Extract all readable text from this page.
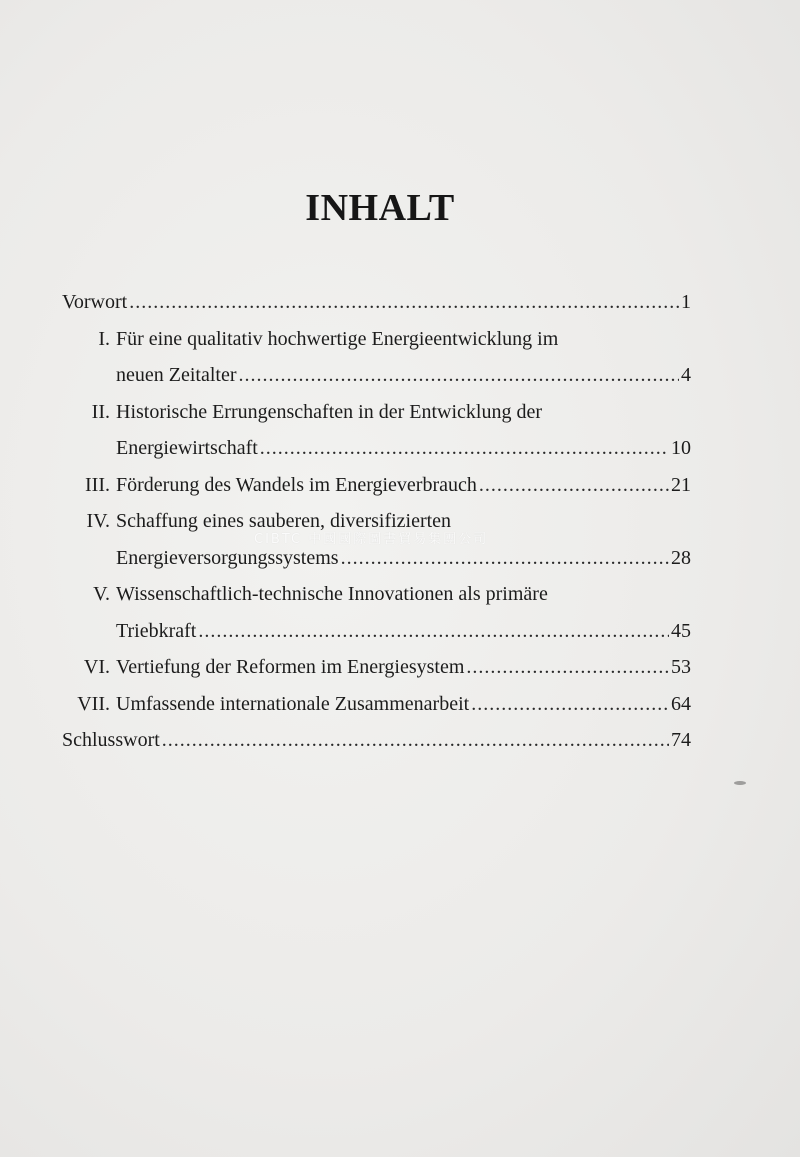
INHALT
Vorwort .....	1
I. Für eine qualitativ hochwertige Energieentwicklung im
neuen Zeitalter .....	4
II. Historische Errungenschaften in der Entwicklung der
Energiewirtschaft .....	10
III. Förderung des Wandels im Energieverbrauch .....	21
IV. Schaffung eines sauberen, diversifizierten
Energieversorgungssystems .....	28
V. Wissenschaftlich-technische Innovationen als primäre
Triebkraft .....	45
VI. Vertiefung der Reformen im Energiesystem .....	53
VII. Umfassende internationale Zusammenarbeit .....	64
Schlusswort .....	74
CIBTC 中國國際圖書貿易集團公司
